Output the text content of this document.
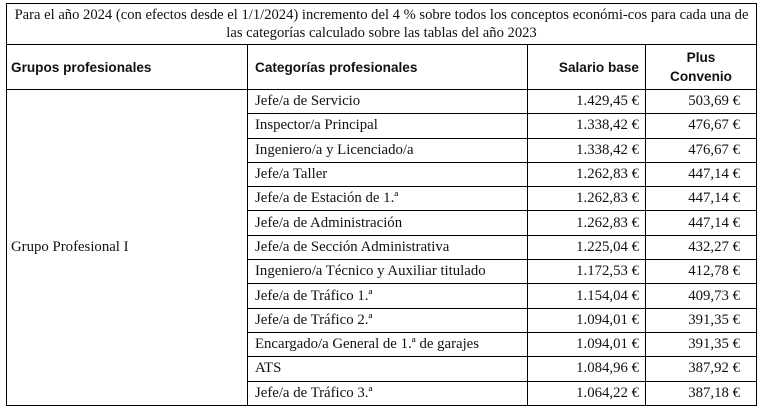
Para el año 2024 (con efectos desde el 1/1/2024) incremento del 4 % sobre todos los conceptos económi-cos para cada una de las categorías calculado sobre las tablas del año 2023			
Grupos profesionales	Categorías profesionales	Salario base	Plus
Convenio

Grupo Profesional I	Jefe/a de Servicio	1.429,45 €	503,69 €
	Inspector/a Principal	1.338,42 €	476,67 €
	Ingeniero/a y Licenciado/a	1.338,42 €	476,67 €
	Jefe/a Taller	1.262,83 €	447,14 €
	Jefe/a de Estación de 1.ª	1.262,83 €	447,14 €
	Jefe/a de Administración	1.262,83 €	447,14 €
	Jefe/a de Sección Administrativa	1.225,04 €	432,27 €
	Ingeniero/a Técnico y Auxiliar titulado	1.172,53 €	412,78 €
	Jefe/a de Tráfico 1.ª	1.154,04 €	409,73 €
	Jefe/a de Tráfico 2.ª	1.094,01 €	391,35 €
	Encargado/a General de 1.ª de garajes	1.094,01 €	391,35 €
	ATS	1.084,96 €	387,92 €
	Jefe/a de Tráfico 3.ª	1.064,22 €	387,18 €
